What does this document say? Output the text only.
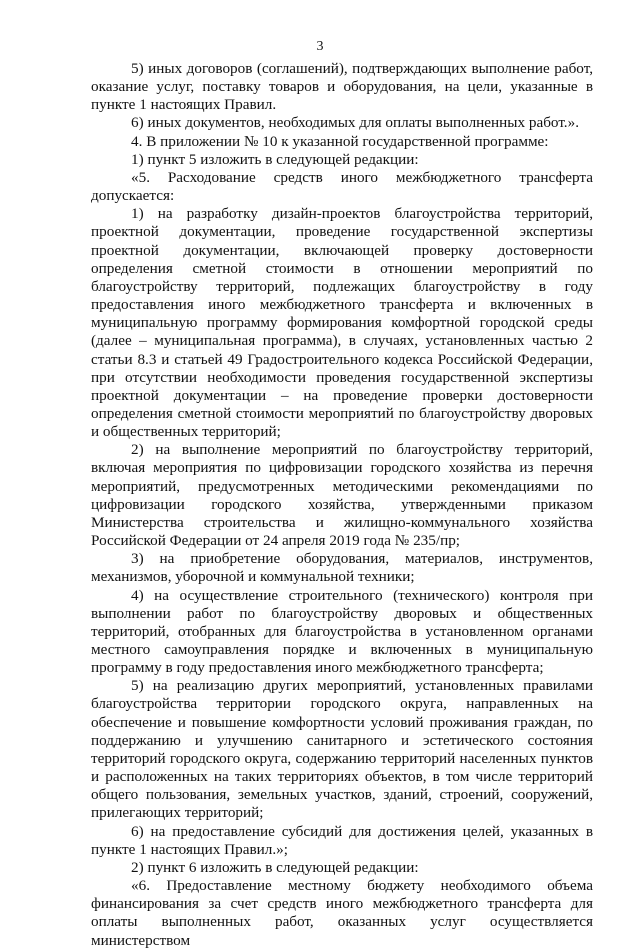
3

5) иных договоров (соглашений), подтверждающих выполнение работ, оказание услуг, поставку товаров и оборудования, на цели, указанные в пункте 1 настоящих Правил.

6) иных документов, необходимых для оплаты выполненных работ.».

4. В приложении № 10 к указанной государственной программе:

1) пункт 5 изложить в следующей редакции:

«5. Расходование средств иного межбюджетного трансферта допускается:

1) на разработку дизайн-проектов благоустройства территорий, проектной документации, проведение государственной экспертизы проектной документации, включающей проверку достоверности определения сметной стоимости в отношении мероприятий по благоустройству территорий, подлежащих благоустройству в году предоставления иного межбюджетного трансферта и включенных в муниципальную программу формирования комфортной городской среды (далее – муниципальная программа), в случаях, установленных частью 2 статьи 8.3 и статьей 49 Градостроительного кодекса Российской Федерации, при отсутствии необходимости проведения государственной экспертизы проектной документации – на проведение проверки достоверности определения сметной стоимости мероприятий по благоустройству дворовых и общественных территорий;

2) на выполнение мероприятий по благоустройству территорий, включая мероприятия по цифровизации городского хозяйства из перечня мероприятий, предусмотренных методическими рекомендациями по цифровизации городского хозяйства, утвержденными приказом Министерства строительства и жилищно-коммунального хозяйства Российской Федерации от 24 апреля 2019 года № 235/пр;

3) на приобретение оборудования, материалов, инструментов, механизмов, уборочной и коммунальной техники;

4) на осуществление строительного (технического) контроля при выполнении работ по благоустройству дворовых и общественных территорий, отобранных для благоустройства в установленном органами местного самоуправления порядке и включенных в муниципальную программу в году предоставления иного межбюджетного трансферта;

5) на реализацию других мероприятий, установленных правилами благоустройства территории городского округа, направленных на обеспечение и повышение комфортности условий проживания граждан, по поддержанию и улучшению санитарного и эстетического состояния территорий городского округа, содержанию территорий населенных пунктов и расположенных на таких территориях объектов, в том числе территорий общего пользования, земельных участков, зданий, строений, сооружений, прилегающих территорий;

6) на предоставление субсидий для достижения целей, указанных в пункте 1 настоящих Правил.»;

2) пункт 6 изложить в следующей редакции:

«6. Предоставление местному бюджету необходимого объема финансирования за счет средств иного межбюджетного трансферта для оплаты выполненных работ, оказанных услуг осуществляется министерством
